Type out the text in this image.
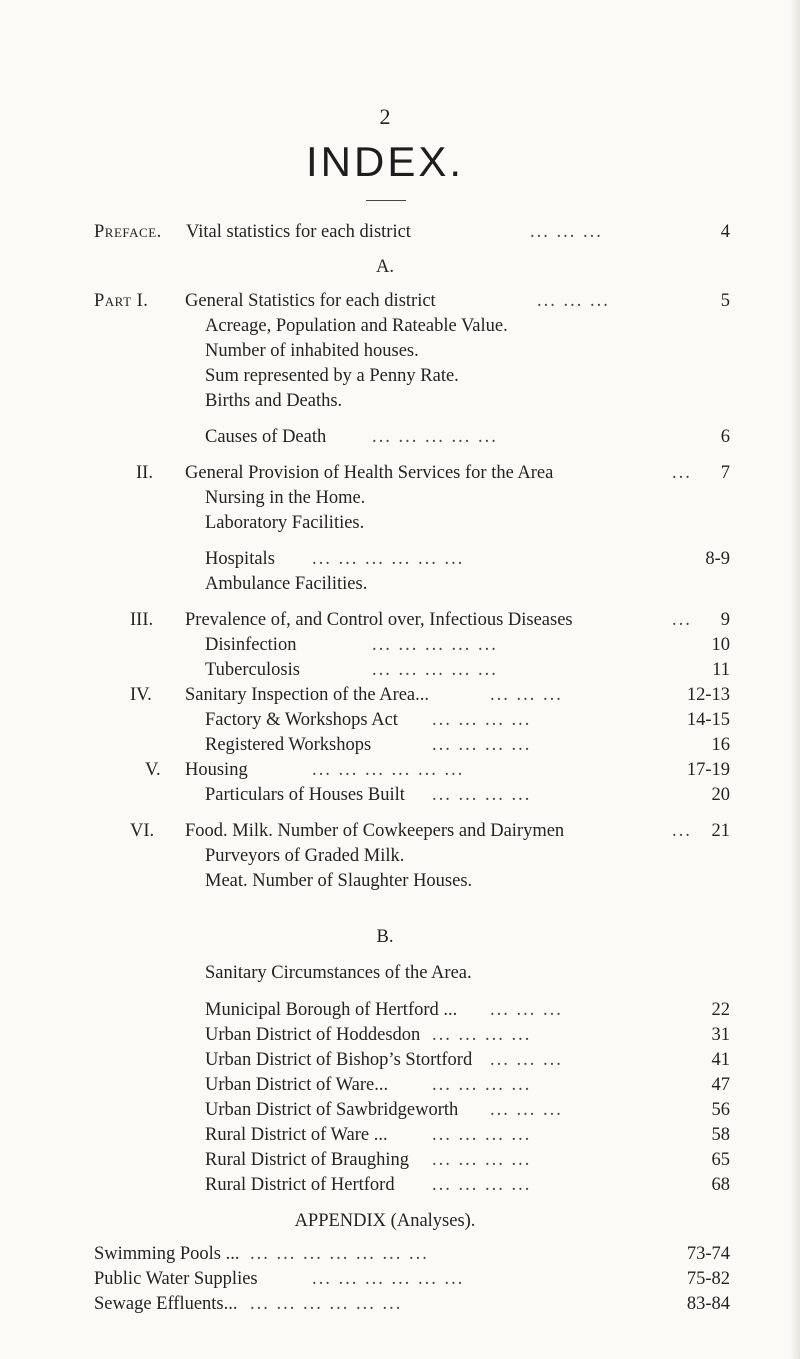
2
INDEX.
Preface. Vital statistics for each district	... ... ...	4
A.
Part I. General Statistics for each district	... ... ...	5
Acreage, Population and Rateable Value.
Number of inhabited houses.
Sum represented by a Penny Rate.
Births and Deaths.
Causes of Death ... ... ... ... ...	6
II. General Provision of Health Services for the Area	... 7
Nursing in the Home.
Laboratory Facilities.
Hospitals ... ... ... ... ... ...	8-9
Ambulance Facilities.
III. Prevalence of, and Control over, Infectious Diseases	... 9
Disinfection	... ... ... ... ...	10
Tuberculosis	... ... ... ... ...	11
IV. Sanitary Inspection of the Area...	... ... ...	12-13
Factory & Workshops Act ... ... ... ...	14-15
Registered Workshops	... ... ... ...	16
V. Housing	... ... ... ... ... ...	17-19
Particulars of Houses Built ... ... ... ...	20
VI. Food. Milk. Number of Cowkeepers and Dairymen	... 21
Purveyors of Graded Milk.
Meat. Number of Slaughter Houses.
B.
Sanitary Circumstances of the Area.
Municipal Borough of Hertford ... ... ... ...	22
Urban District of Hoddesdon ... ... ... ...	31
Urban District of Bishop’s Stortford ... ... ...	41
Urban District of Ware... ... ... ... ...	47
Urban District of Sawbridgeworth ... ... ...	56
Rural District of Ware ... ... ... ... ...	58
Rural District of Braughing ... ... ... ...	65
Rural District of Hertford ... ... ... ...	68
APPENDIX (Analyses).
Swimming Pools ... ... ... ... ... ... ... ...	73-74
Public Water Supplies	... ... ... ... ... ...	75-82
Sewage Effluents... ... ... ... ... ... ...	83-84
